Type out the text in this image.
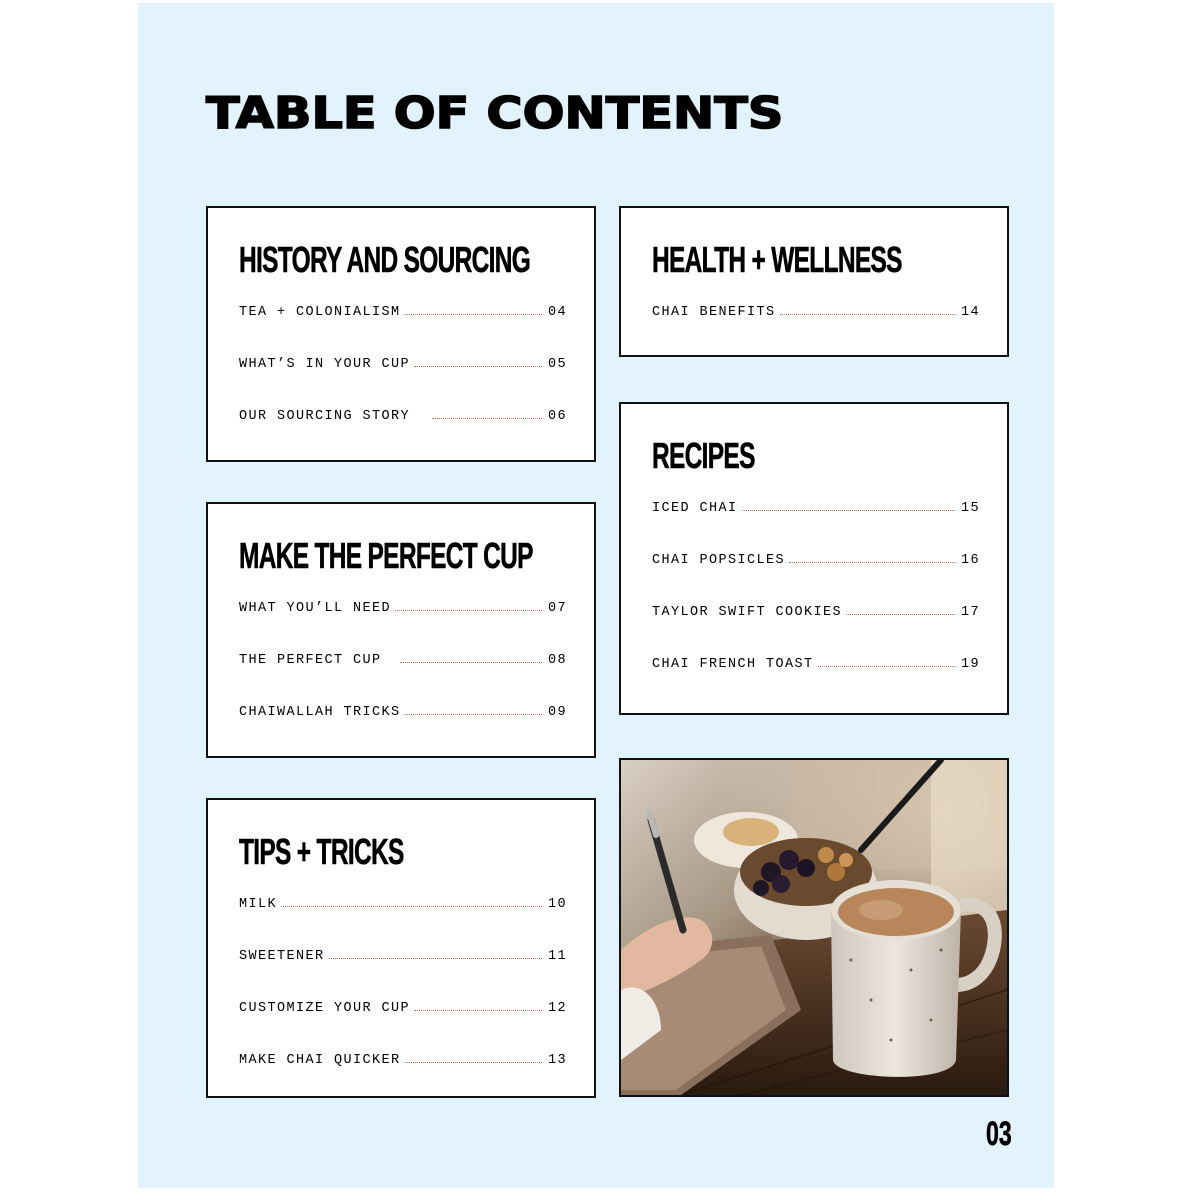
TABLE OF CONTENTS
HISTORY AND SOURCING
TEA + COLONIALISM	04
WHAT’S IN YOUR CUP	05
OUR SOURCING STORY	06
MAKE THE PERFECT CUP
WHAT YOU’LL NEED	07
THE PERFECT CUP	08
CHAIWALLAH TRICKS	09
TIPS + TRICKS
MILK	10
SWEETENER	11
CUSTOMIZE YOUR CUP	12
MAKE CHAI QUICKER	13
HEALTH + WELLNESS
CHAI BENEFITS	14
RECIPES
ICED CHAI	15
CHAI POPSICLES	16
TAYLOR SWIFT COOKIES	17
CHAI FRENCH TOAST	19
03
